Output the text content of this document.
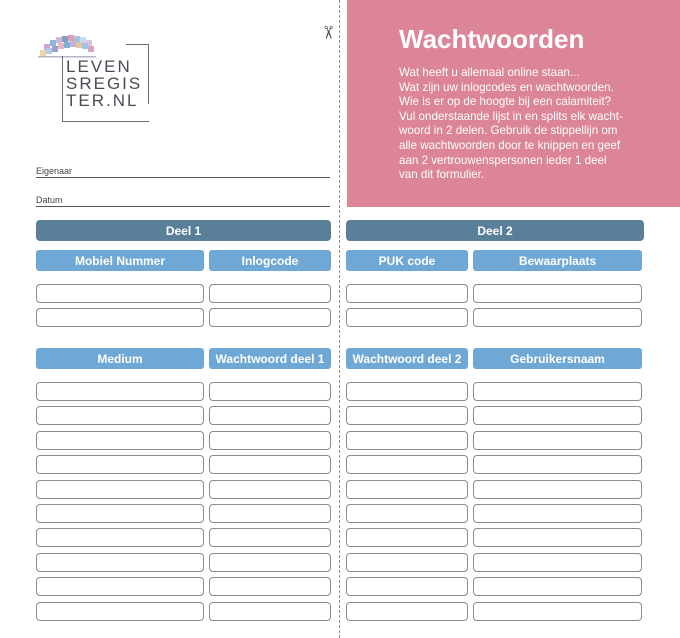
LEVEN
SREGIS
TER.NL
✂ Wachtwoorden
Wat heeft u allemaal online staan...
Wat zijn uw inlogcodes en wachtwoorden.
Wie is er op de hoogte bij een calamiteit?
Vul onderstaande lijst in en splits elk wacht-
woord in 2 delen. Gebruik de stippellijn om
alle wachtwoorden door te knippen en geef
aan 2 vertrouwenspersonen ieder 1 deel
van dit formulier.
Eigenaar
Datum
Deel 1	Deel 2
Mobiel Nummer	Inlogcode	PUK code	Bewaarplaats
Medium	Wachtwoord deel 1	Wachtwoord deel 2	Gebruikersnaam
